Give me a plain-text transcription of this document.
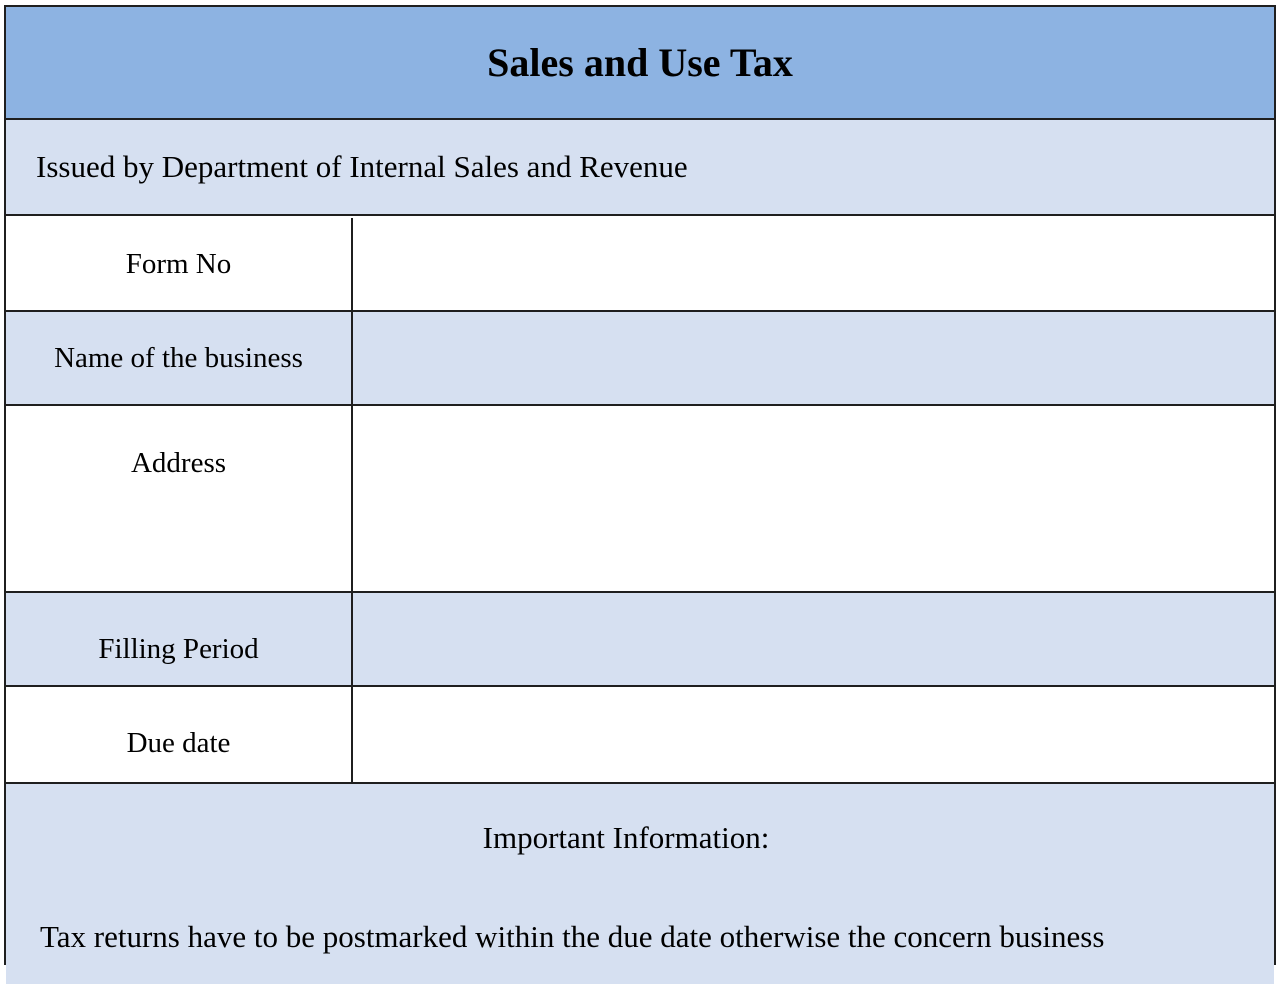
Sales and Use Tax
Issued by Department of Internal Sales and Revenue
Form No
Name of the business
Address
Filling Period
Due date
Important Information:
Tax returns have to be postmarked within the due date otherwise the concern business
